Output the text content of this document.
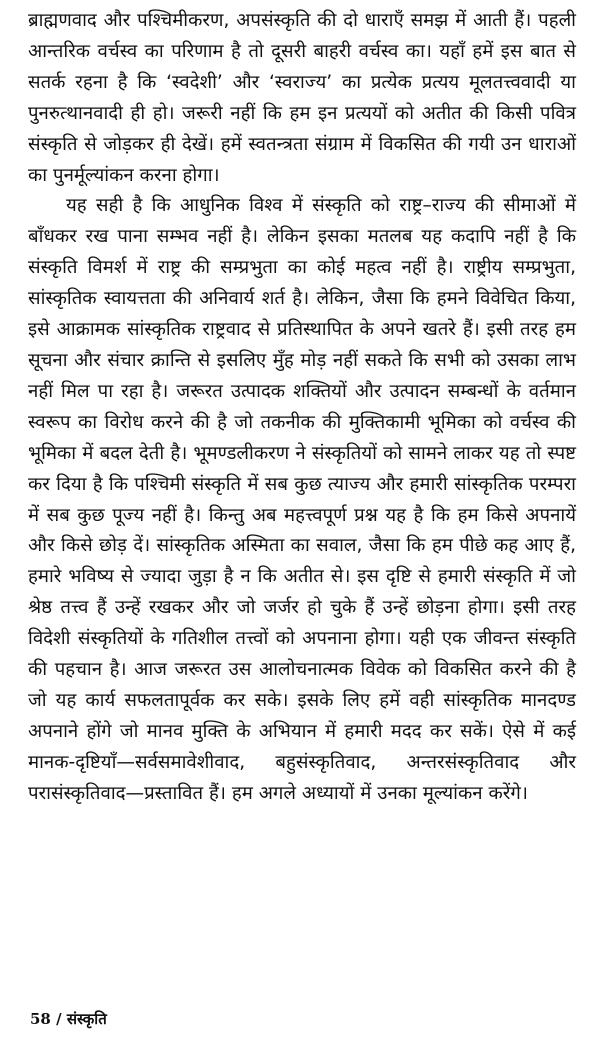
ब्राह्मणवाद और पश्चिमीकरण, अपसंस्कृति की दो धाराएँ समझ में आती हैं। पहली आन्तरिक वर्चस्व का परिणाम है तो दूसरी बाहरी वर्चस्व का। यहाँ हमें इस बात से सतर्क रहना है कि ‘स्वदेशी’ और ‘स्वराज्य’ का प्रत्येक प्रत्यय मूलतत्त्ववादी या पुनरुत्थानवादी ही हो। जरूरी नहीं कि हम इन प्रत्ययों को अतीत की किसी पवित्र संस्कृति से जोड़कर ही देखें। हमें स्वतन्त्रता संग्राम में विकसित की गयी उन धाराओं का पुनर्मूल्यांकन करना होगा।

यह सही है कि आधुनिक विश्व में संस्कृति को राष्ट्र–राज्य की सीमाओं में बाँधकर रख पाना सम्भव नहीं है। लेकिन इसका मतलब यह कदापि नहीं है कि संस्कृति विमर्श में राष्ट्र की सम्प्रभुता का कोई महत्व नहीं है। राष्ट्रीय सम्प्रभुता, सांस्कृतिक स्वायत्तता की अनिवार्य शर्त है। लेकिन, जैसा कि हमने विवेचित किया, इसे आक्रामक सांस्कृतिक राष्ट्रवाद से प्रतिस्थापित के अपने खतरे हैं। इसी तरह हम सूचना और संचार क्रान्ति से इसलिए मुँह मोड़ नहीं सकते कि सभी को उसका लाभ नहीं मिल पा रहा है। जरूरत उत्पादक शक्तियों और उत्पादन सम्बन्धों के वर्तमान स्वरूप का विरोध करने की है जो तकनीक की मुक्तिकामी भूमिका को वर्चस्व की भूमिका में बदल देती है। भूमण्डलीकरण ने संस्कृतियों को सामने लाकर यह तो स्पष्ट कर दिया है कि पश्चिमी संस्कृति में सब कुछ त्याज्य और हमारी सांस्कृतिक परम्परा में सब कुछ पूज्य नहीं है। किन्तु अब महत्त्वपूर्ण प्रश्न यह है कि हम किसे अपनायें और किसे छोड़ दें। सांस्कृतिक अस्मिता का सवाल, जैसा कि हम पीछे कह आए हैं, हमारे भविष्य से ज्यादा जुड़ा है न कि अतीत से। इस दृष्टि से हमारी संस्कृति में जो श्रेष्ठ तत्त्व हैं उन्हें रखकर और जो जर्जर हो चुके हैं उन्हें छोड़ना होगा। इसी तरह विदेशी संस्कृतियों के गतिशील तत्त्वों को अपनाना होगा। यही एक जीवन्त संस्कृति की पहचान है। आज जरूरत उस आलोचनात्मक विवेक को विकसित करने की है जो यह कार्य सफलतापूर्वक कर सके। इसके लिए हमें वही सांस्कृतिक मानदण्ड अपनाने होंगे जो मानव मुक्ति के अभियान में हमारी मदद कर सकें। ऐसे में कई मानक-दृष्टियाँ—सर्वसमावेशीवाद, बहुसंस्कृतिवाद, अन्तरसंस्कृतिवाद और परासंस्कृतिवाद—प्रस्तावित हैं। हम अगले अध्यायों में उनका मूल्यांकन करेंगे।

58 / संस्कृति
